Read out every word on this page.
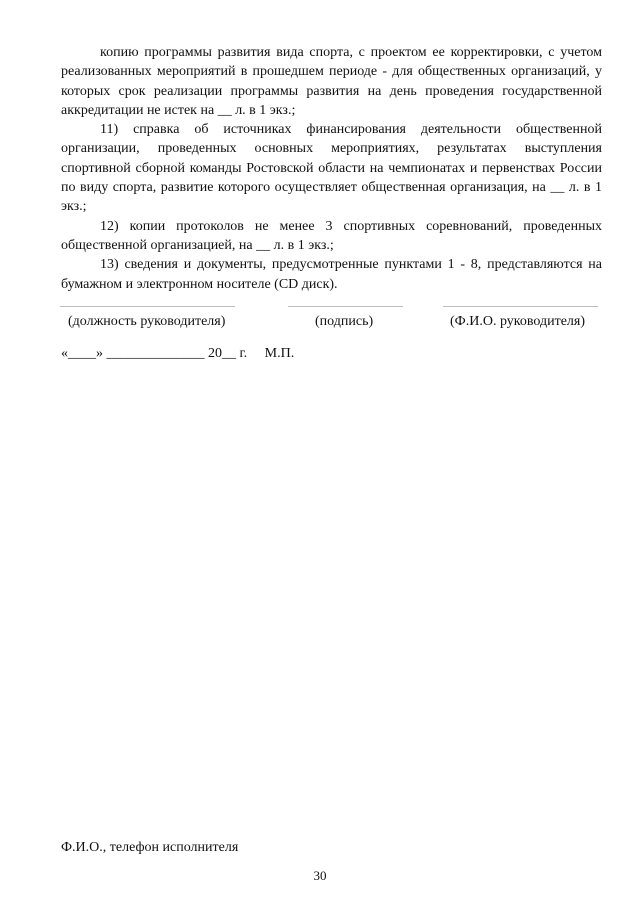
копию программы развития вида спорта, с проектом ее корректировки, с учетом реализованных мероприятий в прошедшем периоде - для общественных организаций, у которых срок реализации программы развития на день проведения государственной аккредитации не истек на __ л. в 1 экз.;

11) справка об источниках финансирования деятельности общественной организации, проведенных основных мероприятиях, результатах выступления спортивной сборной команды Ростовской области на чемпионатах и первенствах России по виду спорта, развитие которого осуществляет общественная организация, на __ л. в 1 экз.;

12) копии протоколов не менее 3 спортивных соревнований, проведенных общественной организацией, на __ л. в 1 экз.;

13) сведения и документы, предусмотренные пунктами 1 - 8, представляются на бумажном и электронном носителе (CD диск).

(должность руководителя)	(подпись)	(Ф.И.О. руководителя)
«____» ______________ 20__ г.     М.П.
Ф.И.О., телефон исполнителя
30
